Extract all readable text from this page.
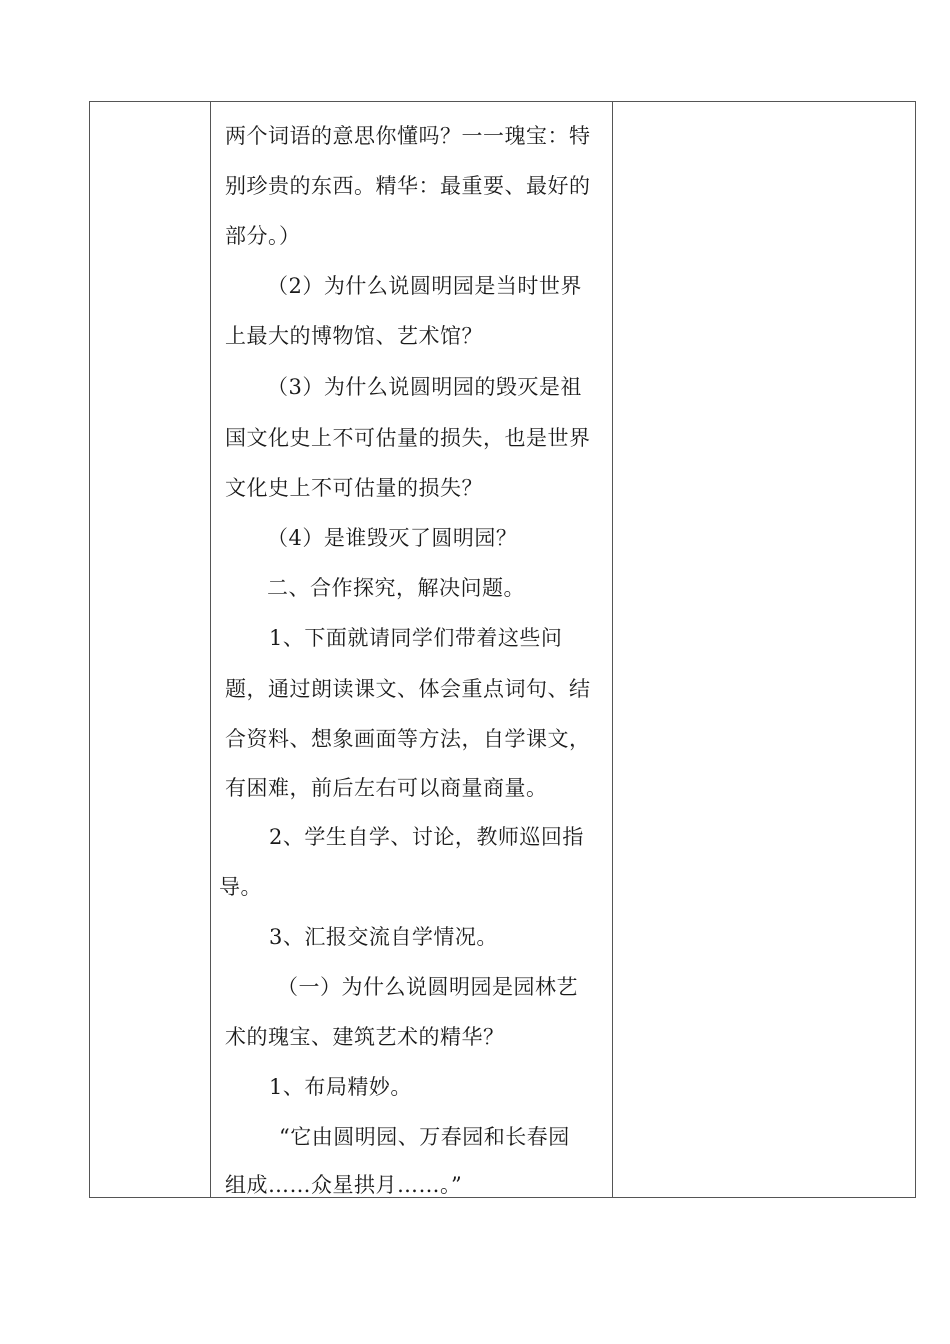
两个词语的意思你懂吗？一一瑰宝：特
别珍贵的东西。精华：最重要、最好的
部分。）
（2）为什么说圆明园是当时世界
上最大的博物馆、艺术馆？
（3）为什么说圆明园的毁灭是祖
国文化史上不可估量的损失，也是世界
文化史上不可估量的损失？
（4）是谁毁灭了圆明园？
二、合作探究，解决问题。
1、下面就请同学们带着这些问
题，通过朗读课文、体会重点词句、结
合资料、想象画面等方法，自学课文，
有困难，前后左右可以商量商量。
2、学生自学、讨论，教师巡回指
导。
3、汇报交流自学情况。
（一）为什么说圆明园是园林艺
术的瑰宝、建筑艺术的精华？
1、布局精妙。
“它由圆明园、万春园和长春园
组成……众星拱月……。”
